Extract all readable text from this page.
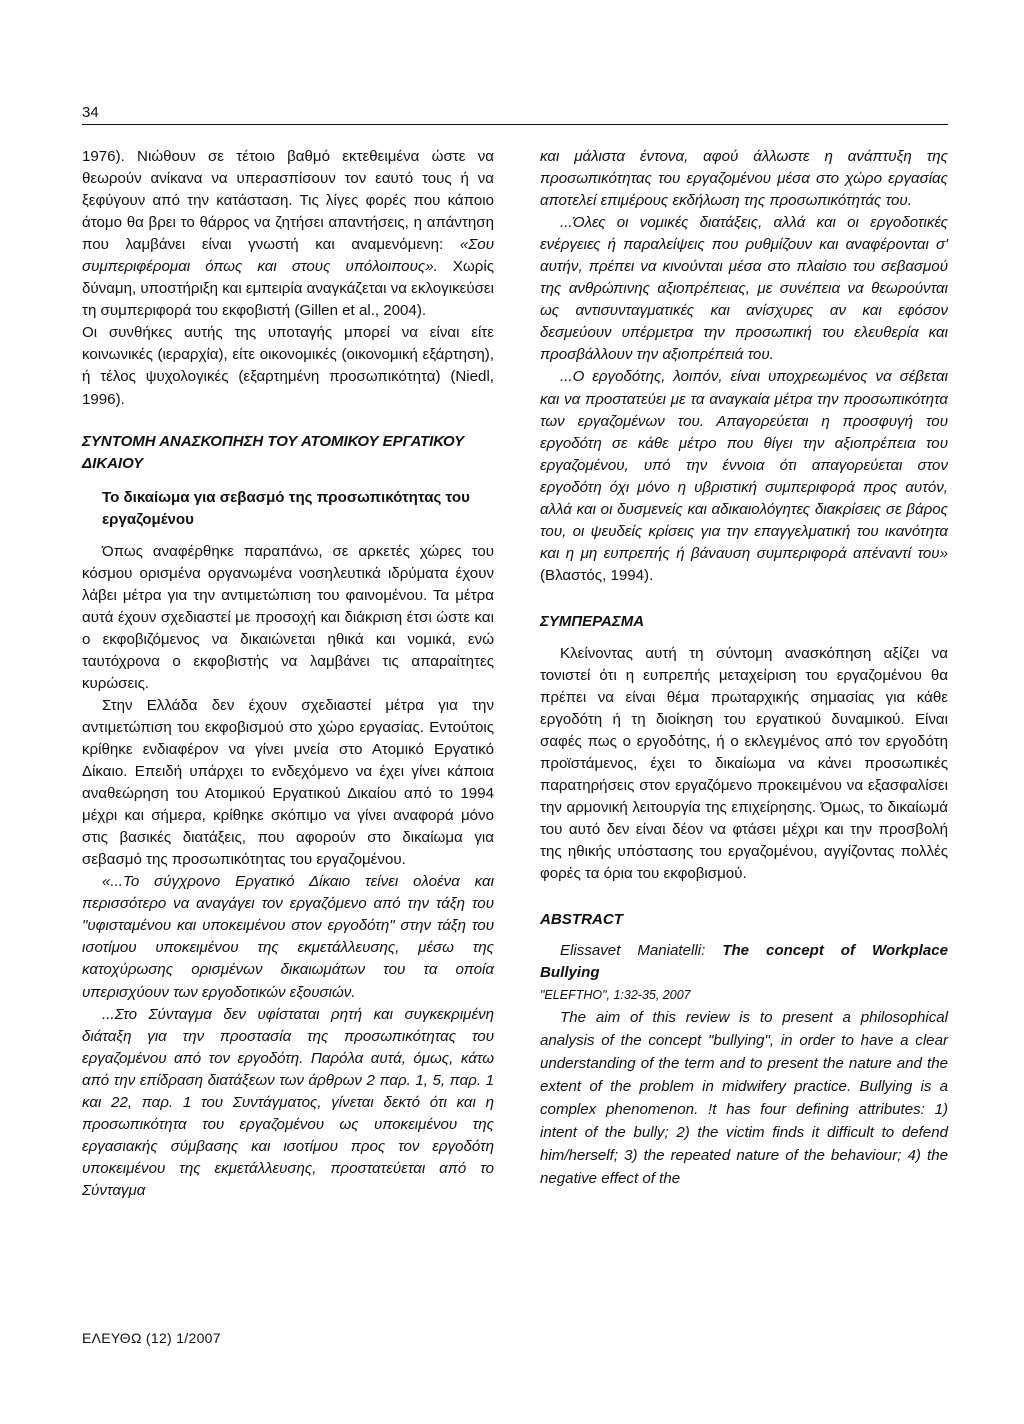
34

1976). Νιώθουν σε τέτοιο βαθμό εκτεθειμένα ώστε να θεωρούν ανίκανα να υπερασπίσουν τον εαυτό τους ή να ξεφύγουν από την κατάσταση. Τις λίγες φορές που κάποιο άτομο θα βρει το θάρρος να ζητήσει απαντήσεις, η απάντηση που λαμβάνει είναι γνωστή και αναμενόμενη: «Σου συμπεριφέρομαι όπως και στους υπόλοιπους». Χωρίς δύναμη, υποστήριξη και εμπειρία αναγκάζεται να εκλογικεύσει τη συμπεριφορά του εκφοβιστή (Gillen et al., 2004).

Οι συνθήκες αυτής της υποταγής μπορεί να είναι είτε κοινωνικές (ιεραρχία), είτε οικονομικές (οικονομική εξάρτηση), ή τέλος ψυχολογικές (εξαρτημένη προσωπικότητα) (Niedl, 1996).

ΣΥΝΤΟΜΗ ΑΝΑΣΚΟΠΗΣΗ ΤΟΥ ΑΤΟΜΙΚΟΥ ΕΡΓΑΤΙΚΟΥ ΔΙΚΑΙΟΥ
Το δικαίωμα για σεβασμό της προσωπικότητας του εργαζομένου

Όπως αναφέρθηκε παραπάνω, σε αρκετές χώρες του κόσμου ορισμένα οργανωμένα νοσηλευτικά ιδρύματα έχουν λάβει μέτρα για την αντιμετώπιση του φαινομένου. Τα μέτρα αυτά έχουν σχεδιαστεί με προσοχή και διάκριση έτσι ώστε και ο εκφοβιζόμενος να δικαιώνεται ηθικά και νομικά, ενώ ταυτόχρονα ο εκφοβιστής να λαμβάνει τις απαραίτητες κυρώσεις.

Στην Ελλάδα δεν έχουν σχεδιαστεί μέτρα για την αντιμετώπιση του εκφοβισμού στο χώρο εργασίας. Εντούτοις κρίθηκε ενδιαφέρον να γίνει μνεία στο Ατομικό Εργατικό Δίκαιο. Επειδή υπάρχει το ενδεχόμενο να έχει γίνει κάποια αναθεώρηση του Ατομικού Εργατικού Δικαίου από το 1994 μέχρι και σήμερα, κρίθηκε σκόπιμο να γίνει αναφορά μόνο στις βασικές διατάξεις, που αφορούν στο δικαίωμα για σεβασμό της προσωπικότητας του εργαζομένου.

«...Το σύγχρονο Εργατικό Δίκαιο τείνει ολοένα και περισσότερο να αναγάγει τον εργαζόμενο από την τάξη του "υφισταμένου και υποκειμένου στον εργοδότη" στην τάξη του ισοτίμου υποκειμένου της εκμετάλλευσης, μέσω της κατοχύρωσης ορισμένων δικαιωμάτων του τα οποία υπερισχύουν των εργοδοτικών εξουσιών.

...Στο Σύνταγμα δεν υφίσταται ρητή και συγκεκριμένη διάταξη για την προστασία της προσωπικότητας του εργαζομένου από τον εργοδότη. Παρόλα αυτά, όμως, κάτω από την επίδραση διατάξεων των άρθρων 2 παρ. 1, 5, παρ. 1 και 22, παρ. 1 του Συντάγματος, γίνεται δεκτό ότι και η προσωπικότητα του εργαζομένου ως υποκειμένου της εργασιακής σύμβασης και ισοτίμου προς τον εργοδότη υποκειμένου της εκμετάλλευσης, προστατεύεται από το Σύνταγμα

και μάλιστα έντονα, αφού άλλωστε η ανάπτυξη της προσωπικότητας του εργαζομένου μέσα στο χώρο εργασίας αποτελεί επιμέρους εκδήλωση της προσωπικότητάς του.

...Όλες οι νομικές διατάξεις, αλλά και οι εργοδοτικές ενέργειες ή παραλείψεις που ρυθμίζουν και αναφέρονται σ' αυτήν, πρέπει να κινούνται μέσα στο πλαίσιο του σεβασμού της ανθρώπινης αξιοπρέπειας, με συνέπεια να θεωρούνται ως αντισυνταγματικές και ανίσχυρες αν και εφόσον δεσμεύουν υπέρμετρα την προσωπική του ελευθερία και προσβάλλουν την αξιοπρέπειά του.

...Ο εργοδότης, λοιπόν, είναι υποχρεωμένος να σέβεται και να προστατεύει με τα αναγκαία μέτρα την προσωπικότητα των εργαζομένων του. Απαγορεύεται η προσφυγή του εργοδότη σε κάθε μέτρο που θίγει την αξιοπρέπεια του εργαζομένου, υπό την έννοια ότι απαγορεύεται στον εργοδότη όχι μόνο η υβριστική συμπεριφορά προς αυτόν, αλλά και οι δυσμενείς και αδικαιολόγητες διακρίσεις σε βάρος του, οι ψευδείς κρίσεις για την επαγγελματική του ικανότητα και η μη ευπρεπής ή βάναυση συμπεριφορά απέναντί του» (Βλαστός, 1994).

ΣΥΜΠΕΡΑΣΜΑ

Κλείνοντας αυτή τη σύντομη ανασκόπηση αξίζει να τονιστεί ότι η ευπρεπής μεταχείριση του εργαζομένου θα πρέπει να είναι θέμα πρωταρχικής σημασίας για κάθε εργοδότη ή τη διοίκηση του εργατικού δυναμικού. Είναι σαφές πως ο εργοδότης, ή ο εκλεγμένος από τον εργοδότη προϊστάμενος, έχει το δικαίωμα να κάνει προσωπικές παρατηρήσεις στον εργαζόμενο προκειμένου να εξασφαλίσει την αρμονική λειτουργία της επιχείρησης. Όμως, το δικαίωμά του αυτό δεν είναι δέον να φτάσει μέχρι και την προσβολή της ηθικής υπόστασης του εργαζομένου, αγγίζοντας πολλές φορές τα όρια του εκφοβισμού.

ABSTRACT

Elissavet Maniatelli: The concept of Workplace Bullying

"ELEFTHO", 1:32-35, 2007

The aim of this review is to present a philosophical analysis of the concept "bullying", in order to have a clear understanding of the term and to present the nature and the extent of the problem in midwifery practice. Bullying is a complex phenomenon. !t has four defining attributes: 1) intent of the bully; 2) the victim finds it difficult to defend him/herself; 3) the repeated nature of the behaviour; 4) the negative effect of the

ΕΛΕΥΘΩ (12) 1/2007
